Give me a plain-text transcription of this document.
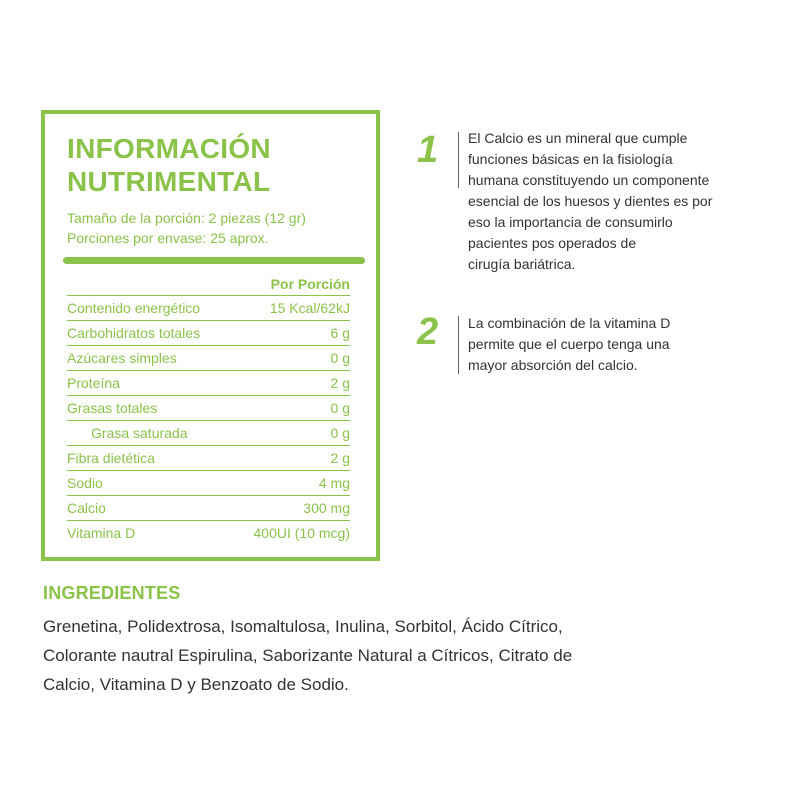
INFORMACIÓN
NUTRIMENTAL
Tamaño de la porción: 2 piezas (12 gr)
Porciones por envase: 25 aprox.
Por Porción
Contenido energético	15 Kcal/62kJ
Carbohidratos totales	6 g
Azúcares simples	0 g
Proteína	2 g
Grasas totales	0 g
Grasa saturada	0 g
Fibra dietética	2 g
Sodio	4 mg
Calcio	300 mg
Vitamina D	400UI (10 mcg)
1 El Calcio es un mineral que cumple
funciones básicas en la fisiología
humana constituyendo un componente
esencial de los huesos y dientes es por
eso la importancia de consumirlo
pacientes pos operados de
cirugía bariátrica.
2 La combinación de la vitamina D
permite que el cuerpo tenga una
mayor absorción del calcio.
INGREDIENTES
Grenetina, Polidextrosa, Isomaltulosa, Inulina, Sorbitol, Ácido Cítrico,
Colorante nautral Espirulina, Saborizante Natural a Cítricos, Citrato de
Calcio, Vitamina D y Benzoato de Sodio.
